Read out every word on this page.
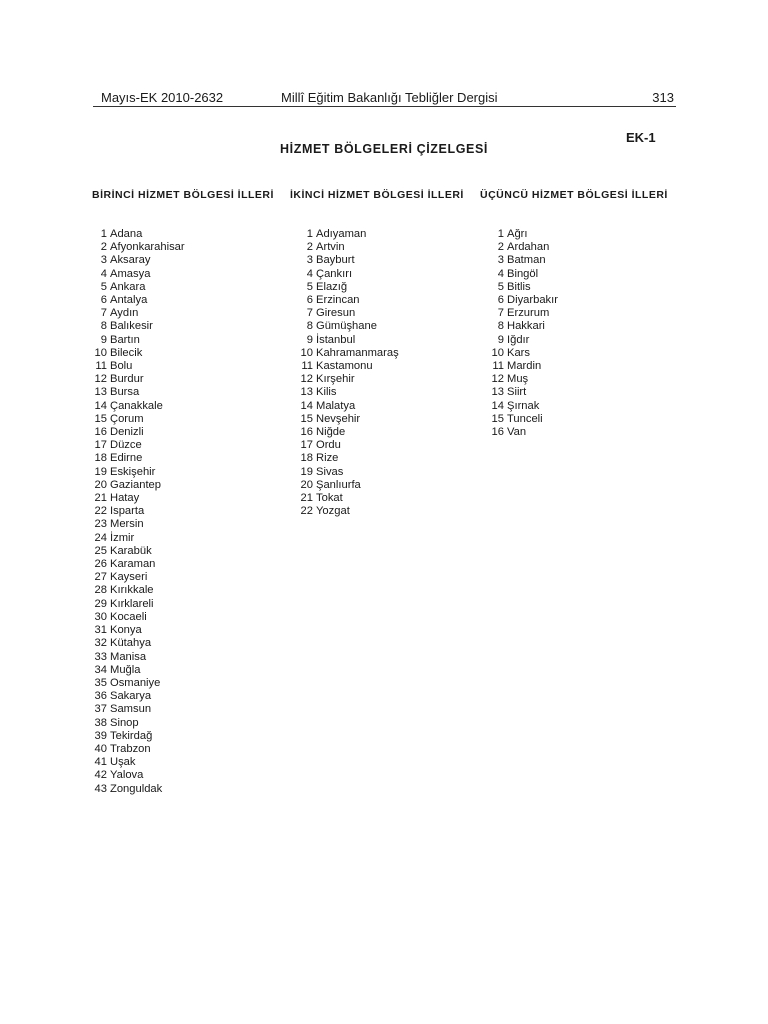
Mayıs-EK 2010-2632	Millî Eğitim Bakanlığı Tebliğler Dergisi	313
EK-1
HİZMET BÖLGELERİ ÇİZELGESİ
BİRİNCİ HİZMET BÖLGESİ İLLERİ İKİNCİ HİZMET BÖLGESİ İLLERİ ÜÇÜNCÜ HİZMET BÖLGESİ İLLERİ
1 Adana
2 Afyonkarahisar
3 Aksaray
4 Amasya
5 Ankara
6 Antalya
7 Aydın
8 Balıkesir
9 Bartın
10 Bilecik
11 Bolu
12 Burdur
13 Bursa
14 Çanakkale
15 Çorum
16 Denizli
17 Düzce
18 Edirne
19 Eskişehir
20 Gaziantep
21 Hatay
22 Isparta
23 Mersin
24 İzmir
25 Karabük
26 Karaman
27 Kayseri
28 Kırıkkale
29 Kırklareli
30 Kocaeli
31 Konya
32 Kütahya
33 Manisa
34 Muğla
35 Osmaniye
36 Sakarya
37 Samsun
38 Sinop
39 Tekirdağ
40 Trabzon
41 Uşak
42 Yalova
43 Zonguldak
1 Adıyaman
2 Artvin
3 Bayburt
4 Çankırı
5 Elazığ
6 Erzincan
7 Giresun
8 Gümüşhane
9 İstanbul
10 Kahramanmaraş
11 Kastamonu
12 Kırşehir
13 Kilis
14 Malatya
15 Nevşehir
16 Niğde
17 Ordu
18 Rize
19 Sivas
20 Şanlıurfa
21 Tokat
22 Yozgat
1 Ağrı
2 Ardahan
3 Batman
4 Bingöl
5 Bitlis
6 Diyarbakır
7 Erzurum
8 Hakkari
9 Iğdır
10 Kars
11 Mardin
12 Muş
13 Siirt
14 Şırnak
15 Tunceli
16 Van
